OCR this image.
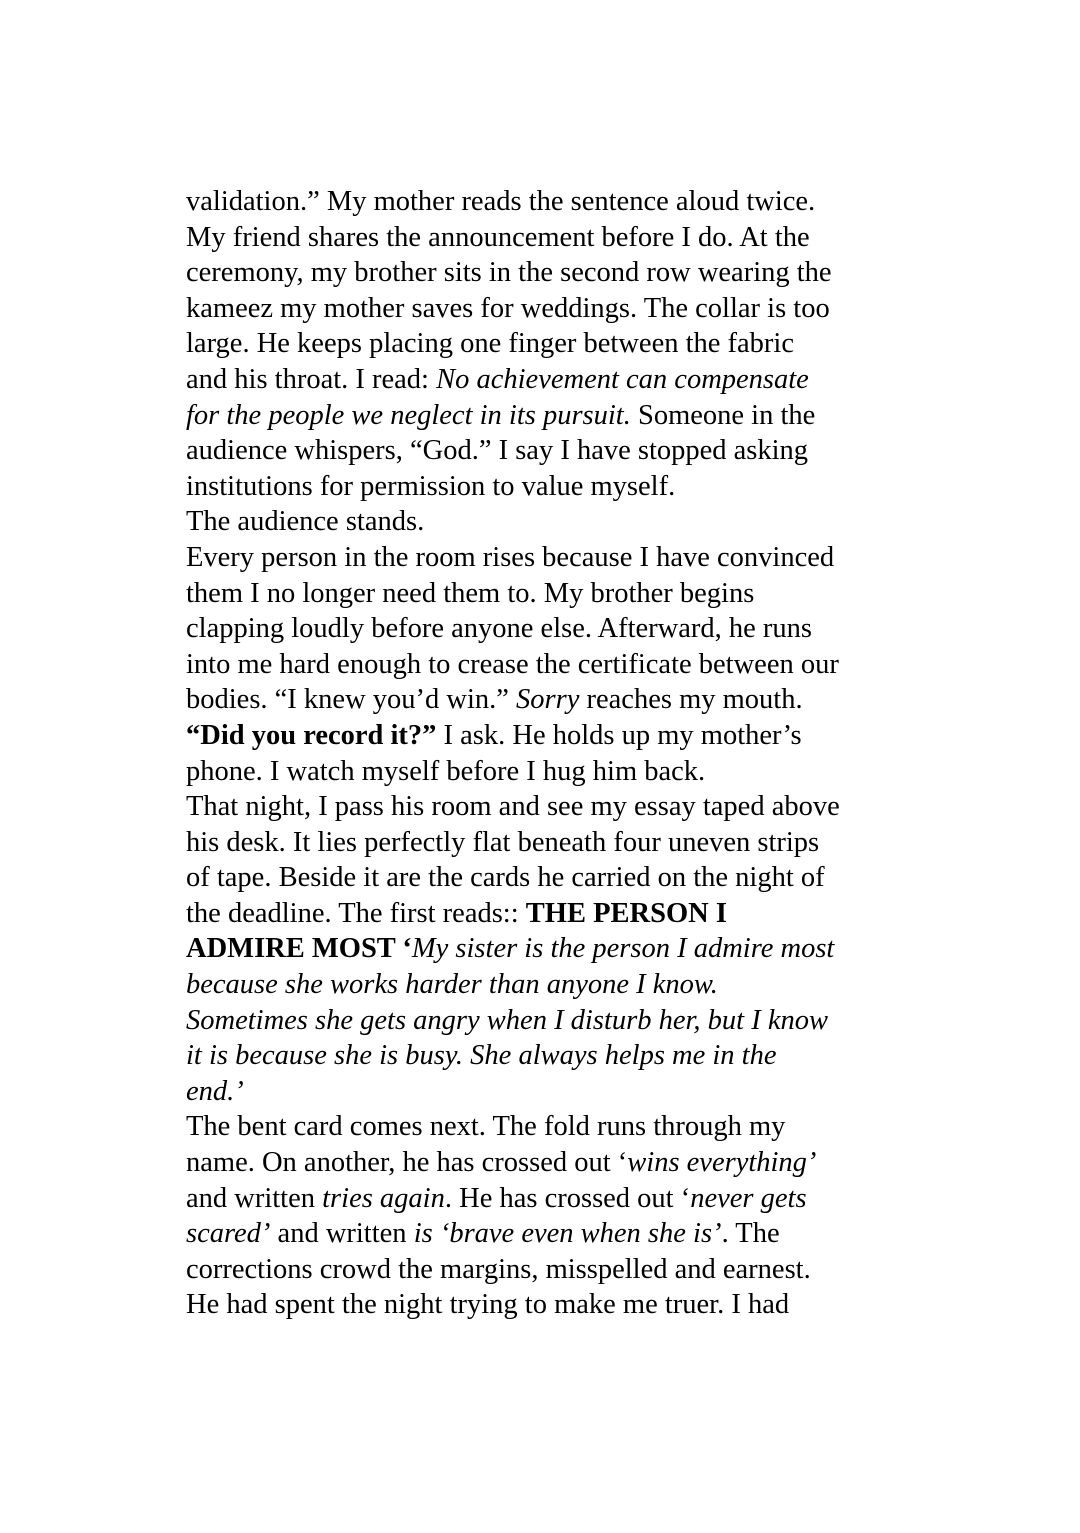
validation.” My mother reads the sentence aloud twice.
My friend shares the announcement before I do. At the
ceremony, my brother sits in the second row wearing the
kameez my mother saves for weddings. The collar is too
large. He keeps placing one finger between the fabric
and his throat. I read: No achievement can compensate
for the people we neglect in its pursuit. Someone in the
audience whispers, “God.” I say I have stopped asking
institutions for permission to value myself.
The audience stands.
Every person in the room rises because I have convinced
them I no longer need them to. My brother begins
clapping loudly before anyone else. Afterward, he runs
into me hard enough to crease the certificate between our
bodies. “I knew you’d win.” Sorry reaches my mouth.
“Did you record it?” I ask. He holds up my mother’s
phone. I watch myself before I hug him back.
That night, I pass his room and see my essay taped above
his desk. It lies perfectly flat beneath four uneven strips
of tape. Beside it are the cards he carried on the night of
the deadline. The first reads:: THE PERSON I
ADMIRE MOST ‘My sister is the person I admire most
because she works harder than anyone I know.
Sometimes she gets angry when I disturb her, but I know
it is because she is busy. She always helps me in the
end.’
The bent card comes next. The fold runs through my
name. On another, he has crossed out ‘wins everything’
and written tries again. He has crossed out ‘never gets
scared’ and written is ‘brave even when she is’. The
corrections crowd the margins, misspelled and earnest.
He had spent the night trying to make me truer. I had
